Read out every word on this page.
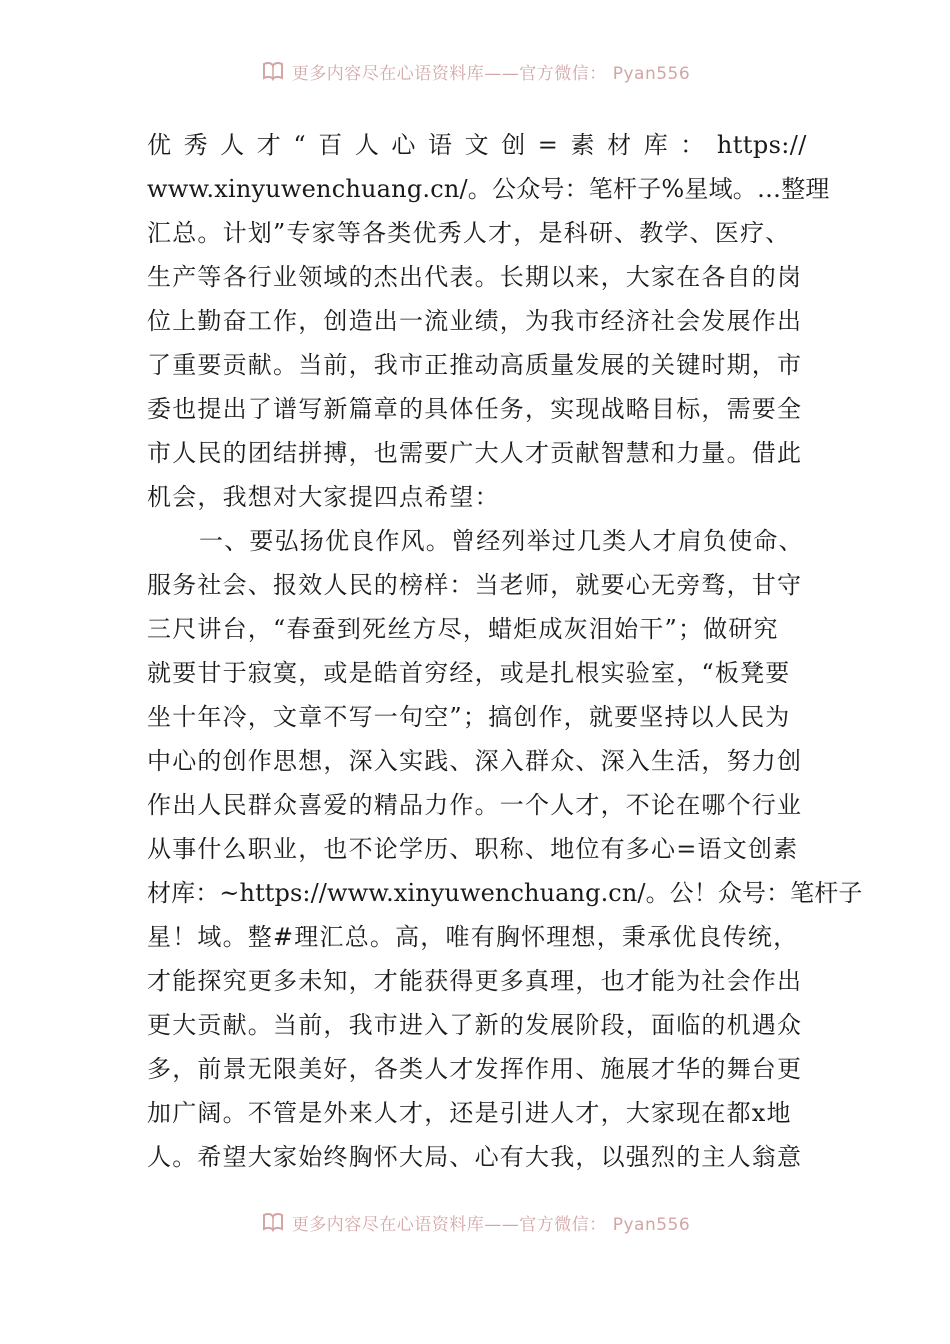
更多内容尽在心语资料库——官方微信： Pyan556
优 秀 人 才 “ 百 人 心 语 文 创 = 素 材 库 ： https://
www.xinyuwenchuang.cn/。公众号：笔杆子%星域。…整理
汇总。计划”专家等各类优秀人才，是科研、教学、医疗、
生产等各行业领域的杰出代表。长期以来，大家在各自的岗
位上勤奋工作，创造出一流业绩，为我市经济社会发展作出
了重要贡献。当前，我市正推动高质量发展的关键时期，市
委也提出了谱写新篇章的具体任务，实现战略目标，需要全
市人民的团结拼搏，也需要广大人才贡献智慧和力量。借此
机会，我想对大家提四点希望：
一、要弘扬优良作风。曾经列举过几类人才肩负使命、
服务社会、报效人民的榜样：当老师，就要心无旁骛，甘守
三尺讲台，“春蚕到死丝方尽，蜡炬成灰泪始干”；做研究
就要甘于寂寞，或是皓首穷经，或是扎根实验室，“板凳要
坐十年冷，文章不写一句空”；搞创作，就要坚持以人民为
中心的创作思想，深入实践、深入群众、深入生活，努力创
作出人民群众喜爱的精品力作。一个人才，不论在哪个行业
从事什么职业，也不论学历、职称、地位有多心=语文创素
材库：~https://www.xinyuwenchuang.cn/。公！众号：笔杆子
星！域。整#理汇总。高，唯有胸怀理想，秉承优良传统，
才能探究更多未知，才能获得更多真理，也才能为社会作出
更大贡献。当前，我市进入了新的发展阶段，面临的机遇众
多，前景无限美好，各类人才发挥作用、施展才华的舞台更
加广阔。不管是外来人才，还是引进人才，大家现在都x地
人。希望大家始终胸怀大局、心有大我，以强烈的主人翁意
更多内容尽在心语资料库——官方微信： Pyan556
